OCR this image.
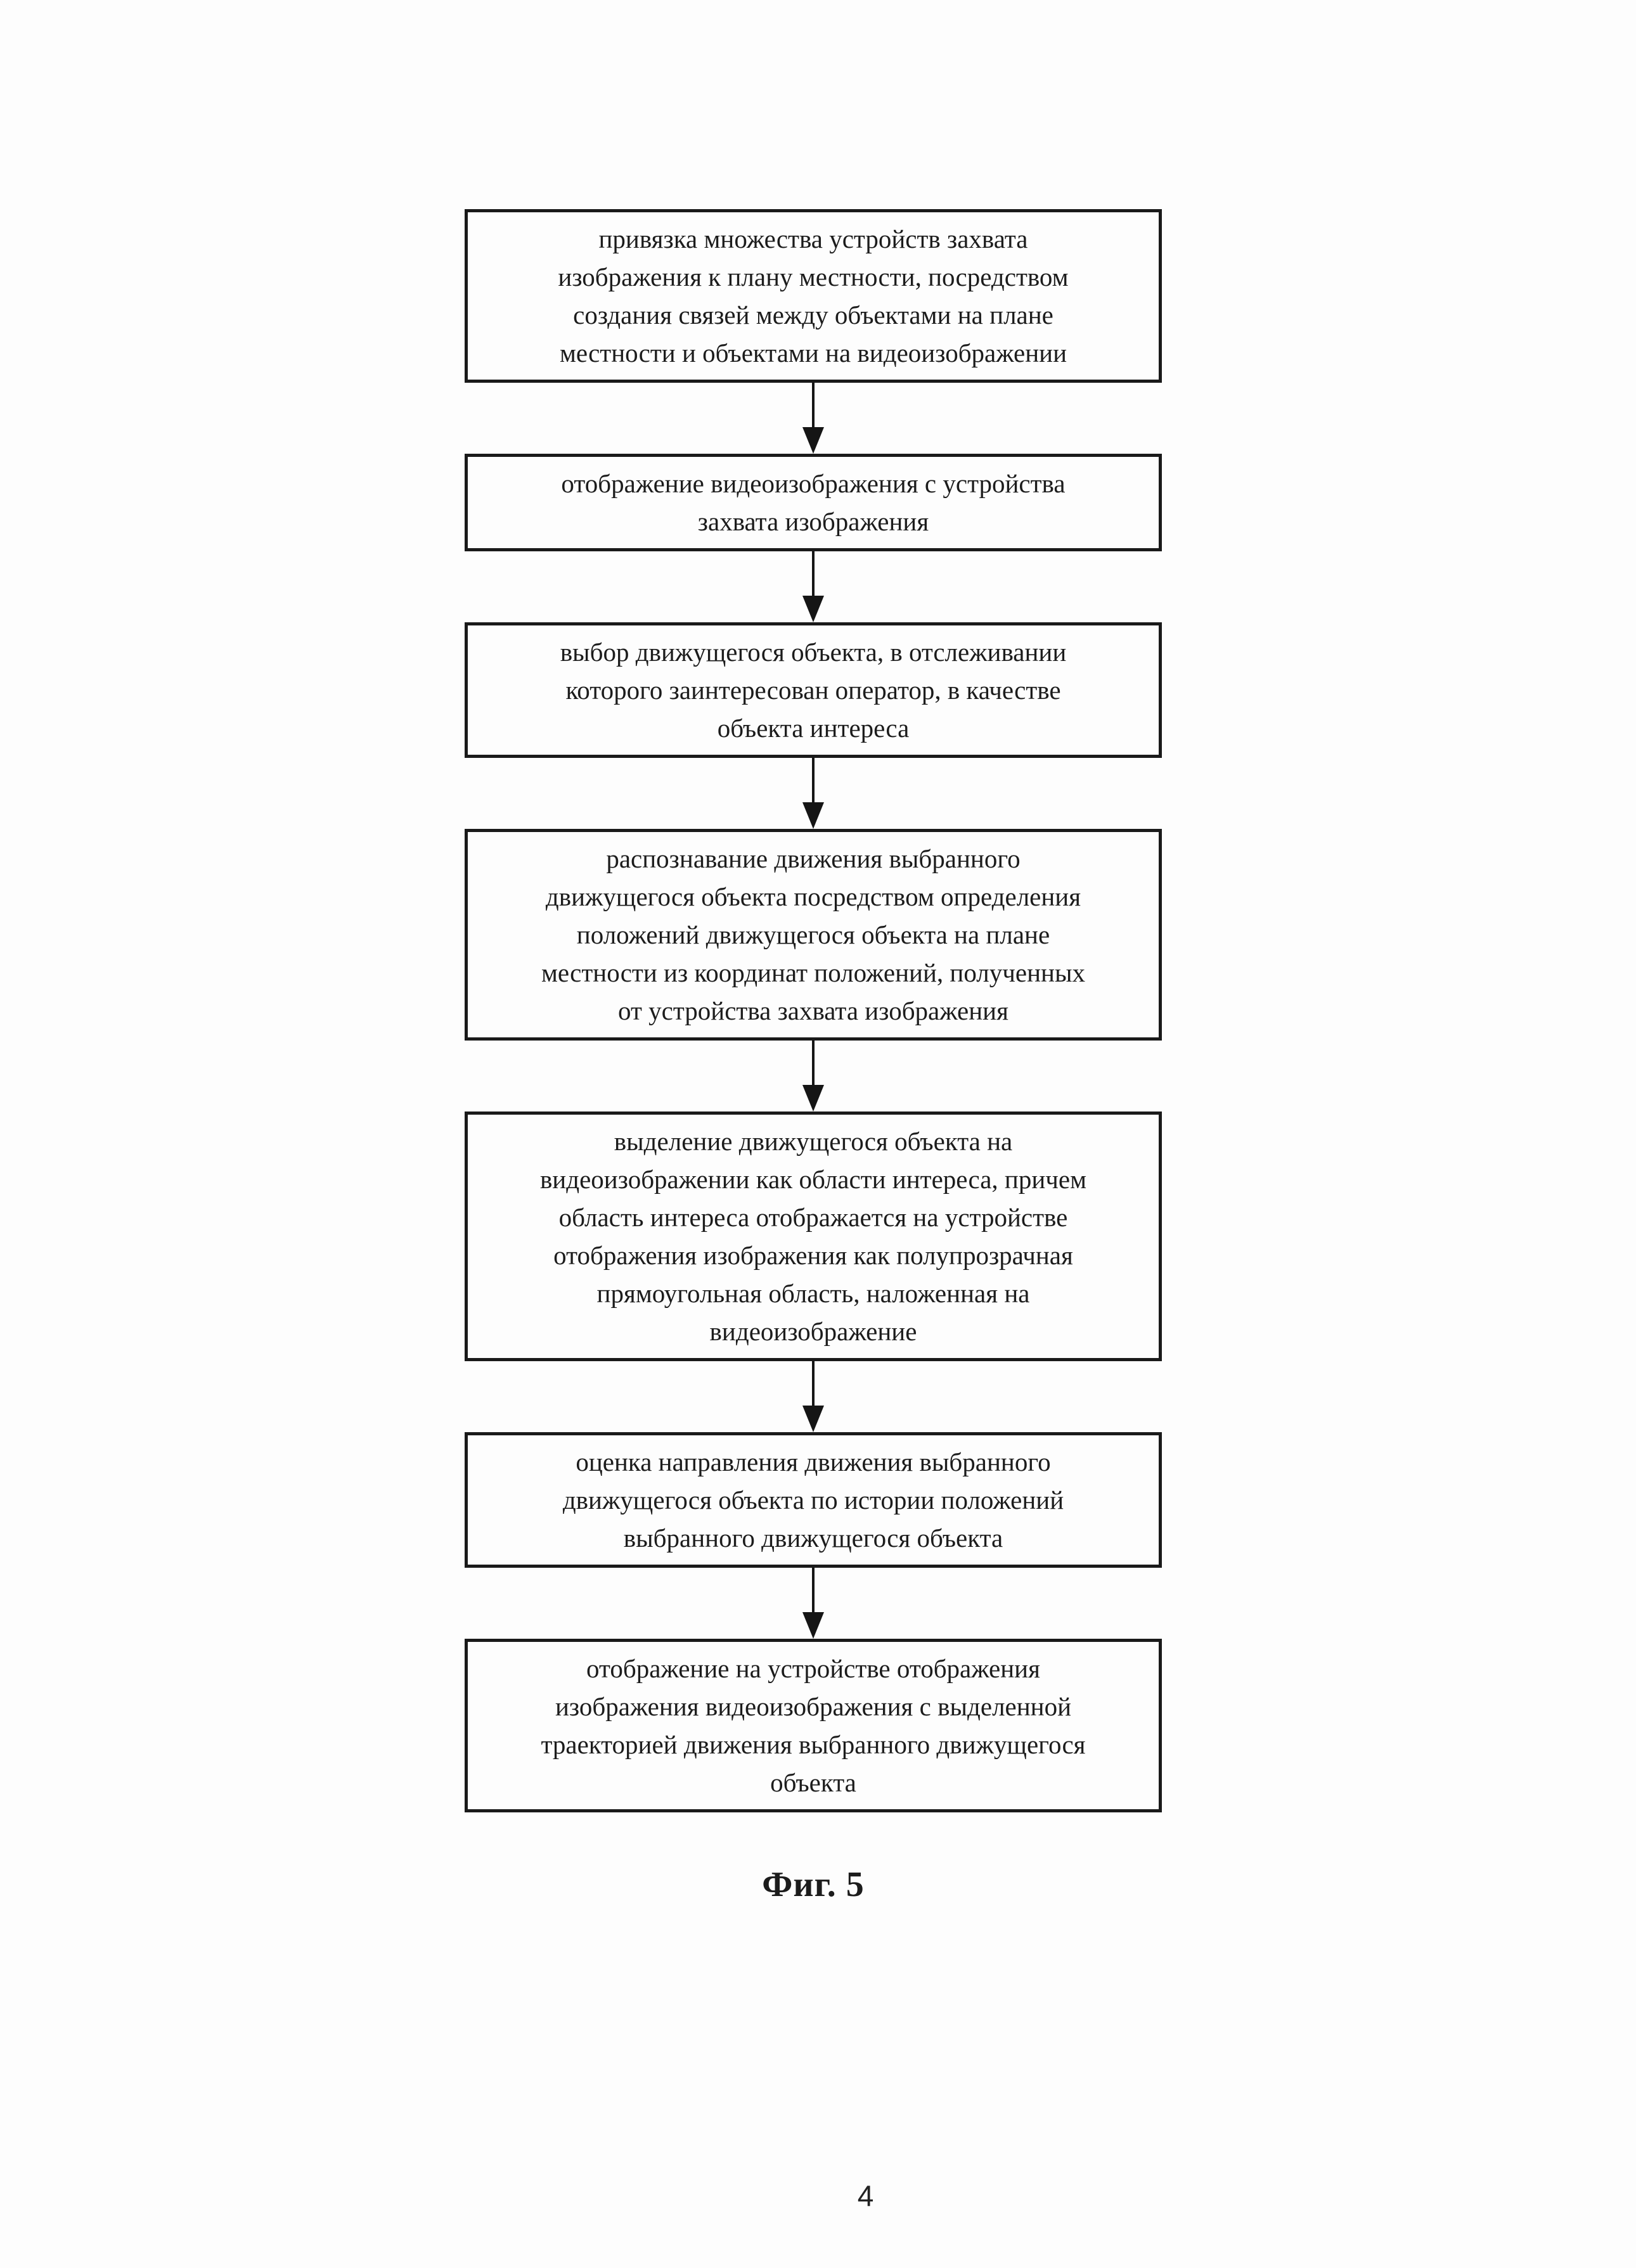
привязка множества устройств захвата
изображения к плану местности, посредством
создания связей между объектами на плане
местности и объектами на видеоизображении
отображение видеоизображения с устройства
захвата изображения
выбор движущегося объекта, в отслеживании
которого заинтересован оператор, в качестве
объекта интереса
распознавание движения выбранного
движущегося объекта посредством определения
положений движущегося объекта на плане
местности из координат положений, полученных
от устройства захвата изображения
выделение движущегося объекта на
видеоизображении как области интереса, причем
область интереса отображается на устройстве
отображения изображения как полупрозрачная
прямоугольная область, наложенная на
видеоизображение
оценка направления движения выбранного
движущегося объекта по истории положений
выбранного движущегося объекта
отображение на устройстве отображения
изображения видеоизображения с выделенной
траекторией движения выбранного движущегося
объекта
Фиг. 5
4
